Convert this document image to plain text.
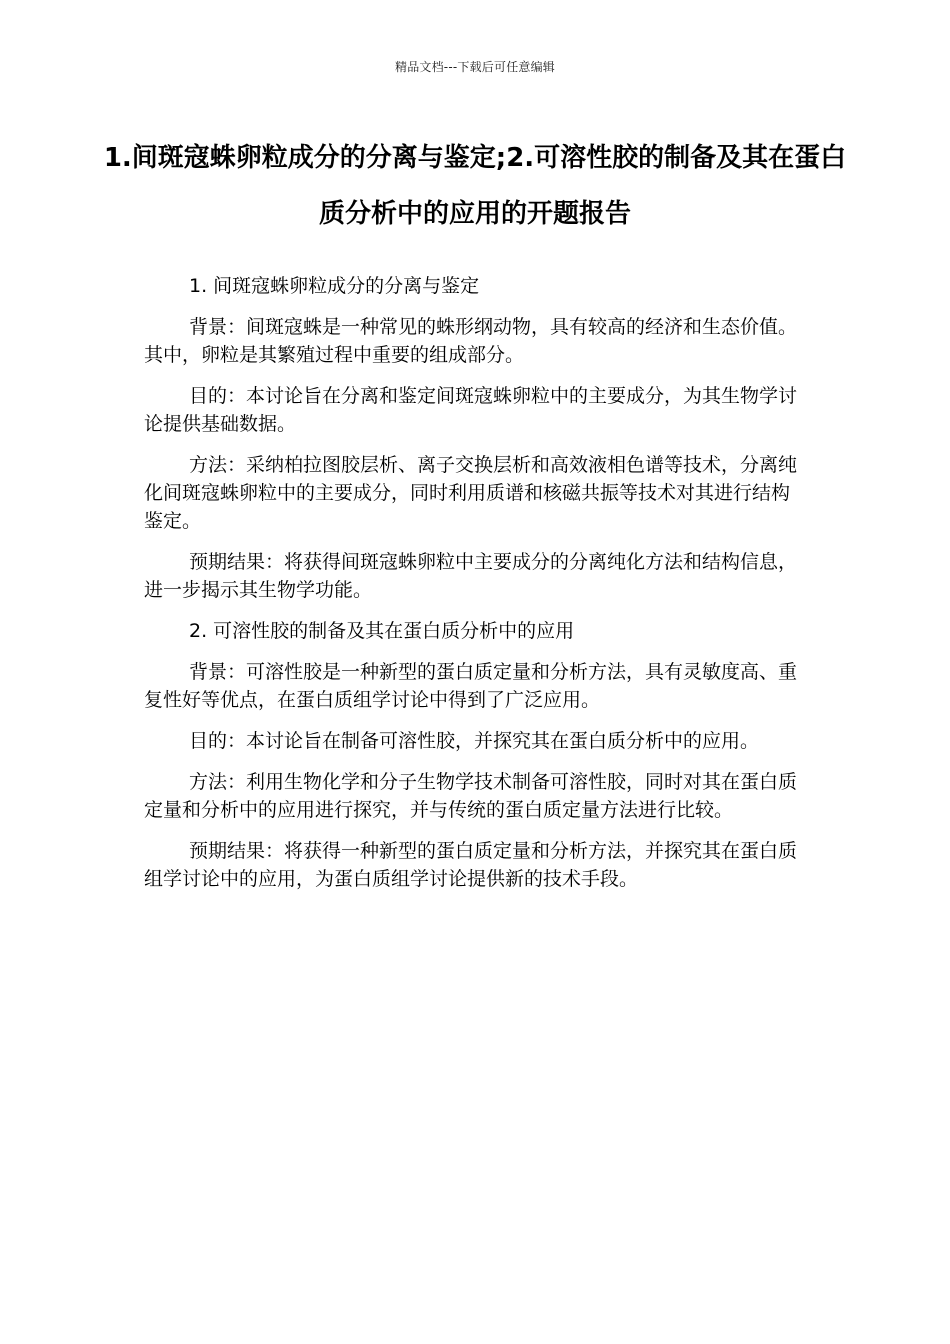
精品文档---下载后可任意编辑
1.间斑寇蛛卵粒成分的分离与鉴定;2.可溶性胶的制备及其在蛋白质分析中的应用的开题报告

1. 间斑寇蛛卵粒成分的分离与鉴定

背景：间斑寇蛛是一种常见的蛛形纲动物，具有较高的经济和生态价值。其中，卵粒是其繁殖过程中重要的组成部分。

目的：本讨论旨在分离和鉴定间斑寇蛛卵粒中的主要成分，为其生物学讨论提供基础数据。

方法：采纳柏拉图胶层析、离子交换层析和高效液相色谱等技术，分离纯化间斑寇蛛卵粒中的主要成分，同时利用质谱和核磁共振等技术对其进行结构鉴定。

预期结果：将获得间斑寇蛛卵粒中主要成分的分离纯化方法和结构信息，进一步揭示其生物学功能。

2. 可溶性胶的制备及其在蛋白质分析中的应用

背景：可溶性胶是一种新型的蛋白质定量和分析方法，具有灵敏度高、重复性好等优点，在蛋白质组学讨论中得到了广泛应用。

目的：本讨论旨在制备可溶性胶，并探究其在蛋白质分析中的应用。

方法：利用生物化学和分子生物学技术制备可溶性胶，同时对其在蛋白质定量和分析中的应用进行探究，并与传统的蛋白质定量方法进行比较。

预期结果：将获得一种新型的蛋白质定量和分析方法，并探究其在蛋白质组学讨论中的应用，为蛋白质组学讨论提供新的技术手段。
